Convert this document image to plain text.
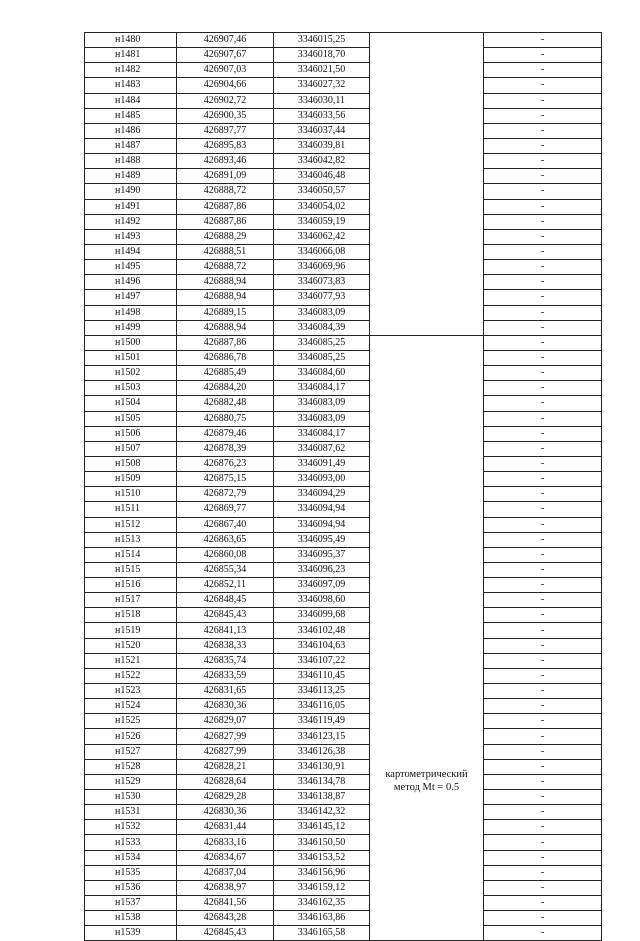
н1480	426907,46	3346015,25		-
н1481	426907,67	3346018,70		-
н1482	426907,03	3346021,50		-
н1483	426904,66	3346027,32		-
н1484	426902,72	3346030,11		-
н1485	426900,35	3346033,56		-
н1486	426897,77	3346037,44		-
н1487	426895,83	3346039,81		-
н1488	426893,46	3346042,82		-
н1489	426891,09	3346046,48		-
н1490	426888,72	3346050,57		-
н1491	426887,86	3346054,02		-
н1492	426887,86	3346059,19		-
н1493	426888,29	3346062,42		-
н1494	426888,51	3346066,08		-
н1495	426888,72	3346069,96		-
н1496	426888,94	3346073,83		-
н1497	426888,94	3346077,93		-
н1498	426889,15	3346083,09		-
н1499	426888,94	3346084,39		-
н1500	426887,86	3346085,25	картометрический
метод Mt = 0.5	-
н1501	426886,78	3346085,25		-
н1502	426885,49	3346084,60		-
н1503	426884,20	3346084,17		-
н1504	426882,48	3346083,09		-
н1505	426880,75	3346083,09		-
н1506	426879,46	3346084,17		-
н1507	426878,39	3346087,62		-
н1508	426876,23	3346091,49		-
н1509	426875,15	3346093,00		-
н1510	426872,79	3346094,29		-
н1511	426869,77	3346094,94		-
н1512	426867,40	3346094,94		-
н1513	426863,65	3346095,49		-
н1514	426860,08	3346095,37		-
н1515	426855,34	3346096,23		-
н1516	426852,11	3346097,09		-
н1517	426848,45	3346098,60		-
н1518	426845,43	3346099,68		-
н1519	426841,13	3346102,48		-
н1520	426838,33	3346104,63		-
н1521	426835,74	3346107,22		-
н1522	426833,59	3346110,45		-
н1523	426831,65	3346113,25		-
н1524	426830,36	3346116,05		-
н1525	426829,07	3346119,49		-
н1526	426827,99	3346123,15		-
н1527	426827,99	3346126,38		-
н1528	426828,21	3346130,91		-
н1529	426828,64	3346134,78		-
н1530	426829,28	3346138,87		-
н1531	426830,36	3346142,32		-
н1532	426831,44	3346145,12		-
н1533	426833,16	3346150,50		-
н1534	426834,67	3346153,52		-
н1535	426837,04	3346156,96		-
н1536	426838,97	3346159,12		-
н1537	426841,56	3346162,35		-
н1538	426843,28	3346163,86		-
н1539	426845,43	3346165,58		-
